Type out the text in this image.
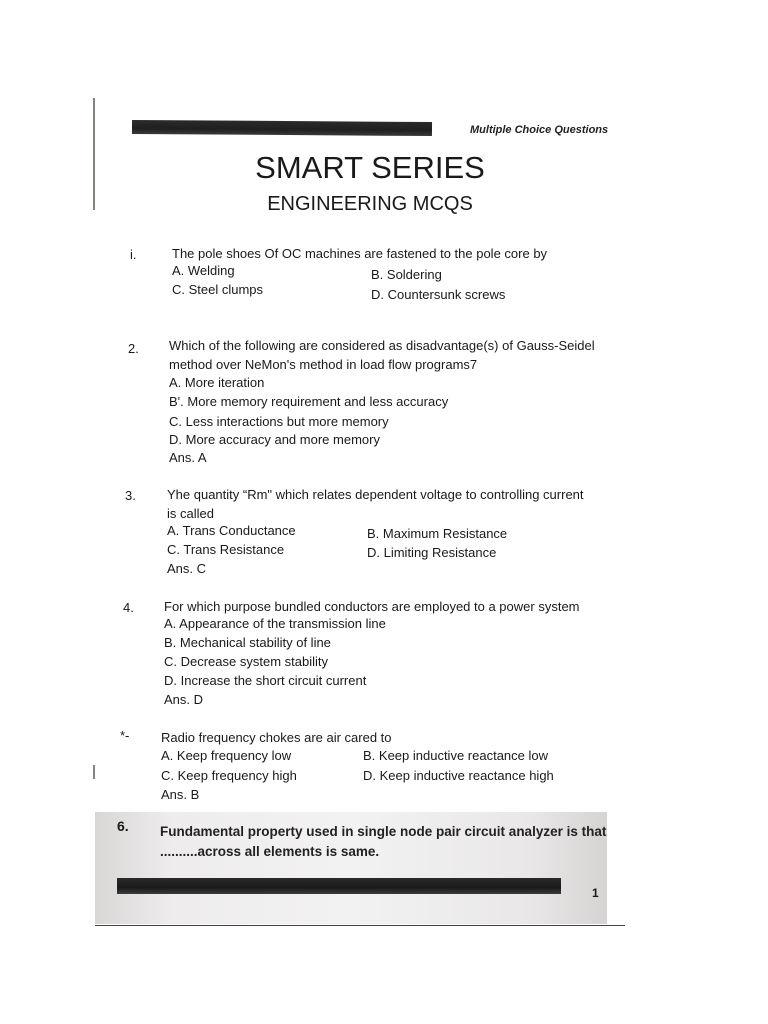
Multiple Choice Questions
SMART SERIES
ENGINEERING MCQS
i.	The pole shoes Of OC machines are fastened to the pole core by
A. Welding	B. Soldering
C. Steel clumps	D. Countersunk screws
2. Which of the following are considered as disadvantage(s) of Gauss-Seidel method over NeMon's method in load flow programs7
A. More iteration
B'. More memory requirement and less accuracy
C. Less interactions but more memory
D. More accuracy and more memory
Ans. A
3. Yhe quantity “Rm" which relates dependent voltage to controlling current is called
A. Trans Conductance	B. Maximum Resistance
C. Trans Resistance	D. Limiting Resistance
Ans. C
4. For which purpose bundled conductors are employed to a power system
A. Appearance of the transmission line
B. Mechanical stability of line
C. Decrease system stability
D. Increase the short circuit current
Ans. D
*- Radio frequency chokes are air cared to
A. Keep frequency low	B. Keep inductive reactance low
C. Keep frequency high	D. Keep inductive reactance high
Ans. B
6. Fundamental property used in single node pair circuit analyzer is that ..........across all elements is same.
1
